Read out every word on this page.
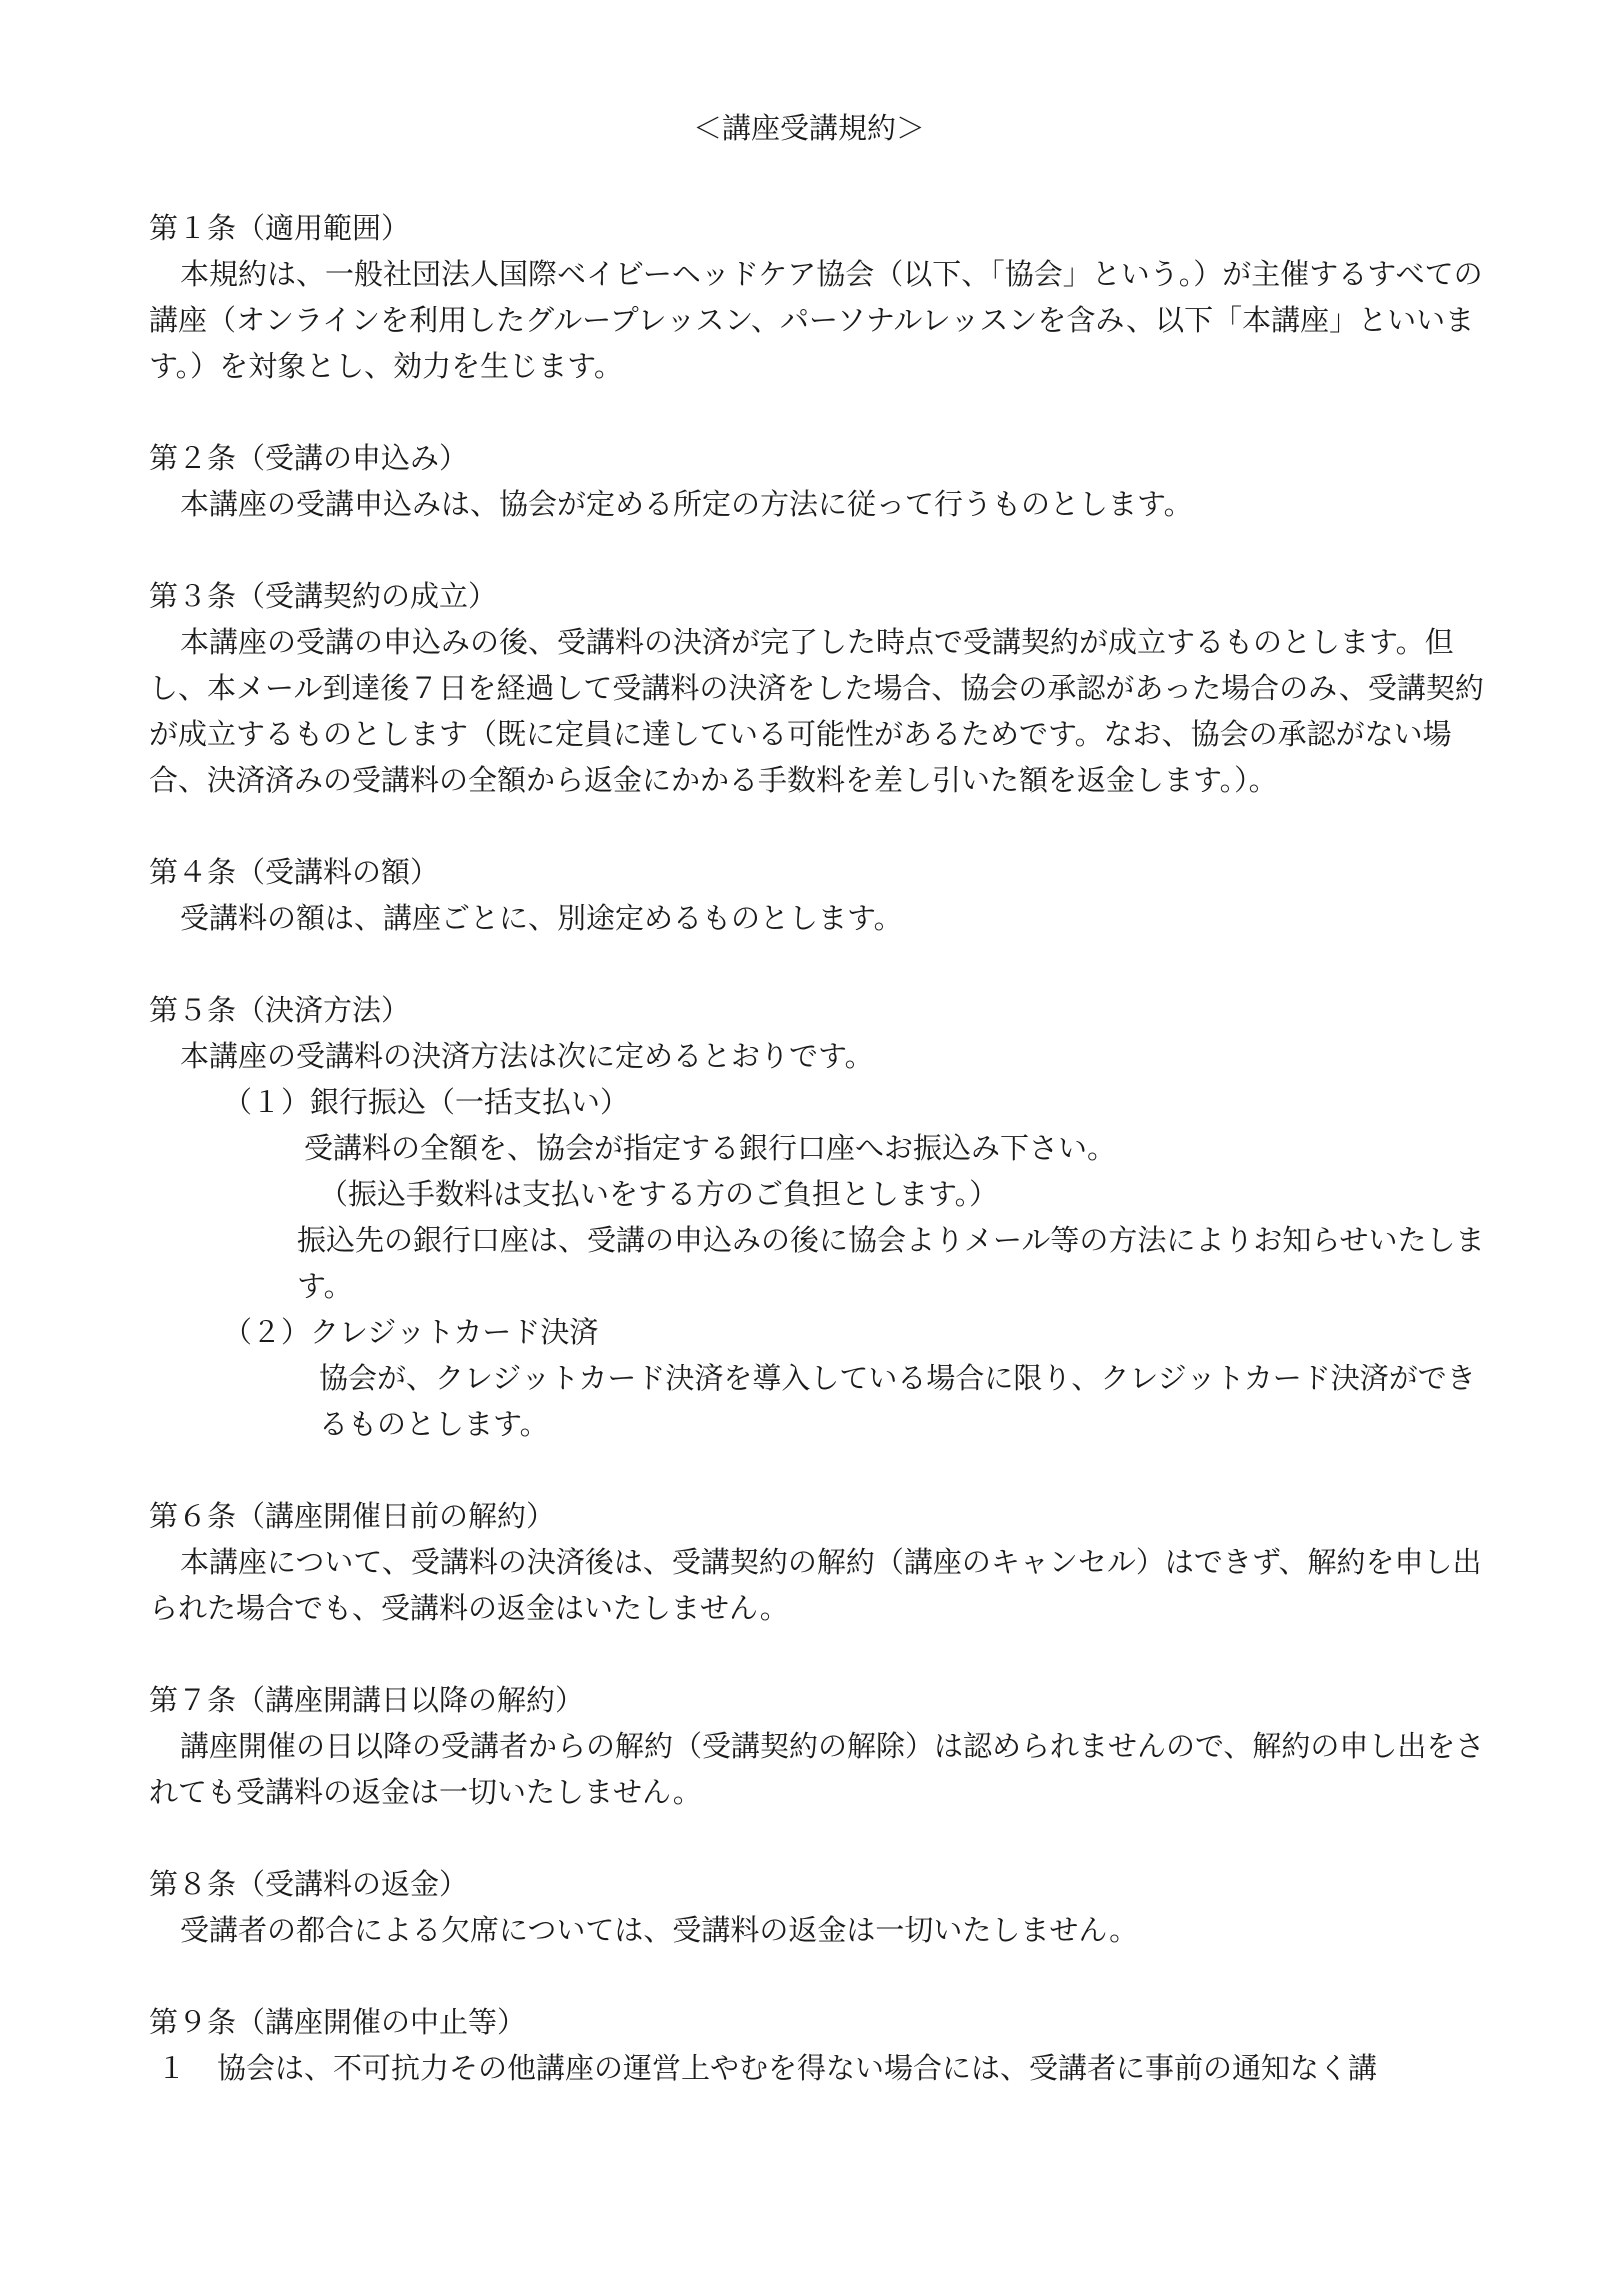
＜講座受講規約＞

第１条（適用範囲）

本規約は、一般社団法人国際ベイビーヘッドケア協会（以下、「協会」という。）が主催するすべての講座（オンラインを利用したグループレッスン、パーソナルレッスンを含み、以下「本講座」といいます。）を対象とし、効力を生じます。

第２条（受講の申込み）

本講座の受講申込みは、協会が定める所定の方法に従って行うものとします。

第３条（受講契約の成立）

本講座の受講の申込みの後、受講料の決済が完了した時点で受講契約が成立するものとします。但し、本メール到達後７日を経過して受講料の決済をした場合、協会の承認があった場合のみ、受講契約が成立するものとします（既に定員に達している可能性があるためです。なお、協会の承認がない場合、決済済みの受講料の全額から返金にかかる手数料を差し引いた額を返金します。）。

第４条（受講料の額）

受講料の額は、講座ごとに、別途定めるものとします。

第５条（決済方法）

本講座の受講料の決済方法は次に定めるとおりです。

（１）銀行振込（一括支払い）

受講料の全額を、協会が指定する銀行口座へお振込み下さい。

（振込手数料は支払いをする方のご負担とします。）

振込先の銀行口座は、受講の申込みの後に協会よりメール等の方法によりお知らせいたします。

（２）クレジットカード決済

協会が、クレジットカード決済を導入している場合に限り、クレジットカード決済ができるものとします。

第６条（講座開催日前の解約）

本講座について、受講料の決済後は、受講契約の解約（講座のキャンセル）はできず、解約を申し出られた場合でも、受講料の返金はいたしません。

第７条（講座開講日以降の解約）

講座開催の日以降の受講者からの解約（受講契約の解除）は認められませんので、解約の申し出をされても受講料の返金は一切いたしません。

第８条（受講料の返金）

受講者の都合による欠席については、受講料の返金は一切いたしません。

第９条（講座開催の中止等）

１ 協会は、不可抗力その他講座の運営上やむを得ない場合には、受講者に事前の通知なく講
